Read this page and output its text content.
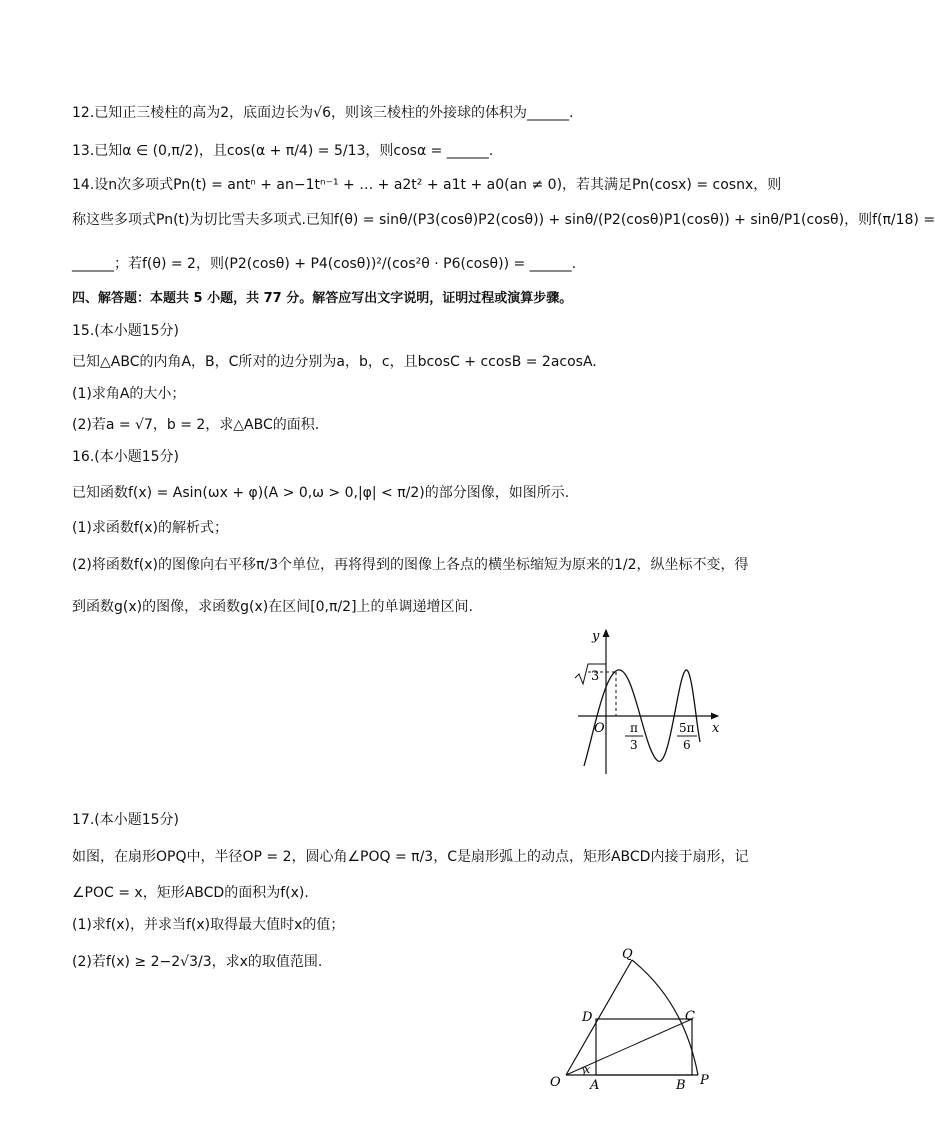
12.已知正三棱柱的高为2，底面边长为√6，则该三棱柱的外接球的体积为______.
13.已知α ∈ (0,π/2)，且cos(α + π/4) = 5/13，则cosα = ______.
14.设n次多项式Pn(t) = antⁿ + an−1tⁿ⁻¹ + … + a2t² + a1t + a0(an ≠ 0)，若其满足Pn(cosx) = cosnx，则
称这些多项式Pn(t)为切比雪夫多项式.已知f(θ) = sinθ/(P3(cosθ)P2(cosθ)) + sinθ/(P2(cosθ)P1(cosθ)) + sinθ/P1(cosθ)，则f(π/18) =
______；若f(θ) = 2，则(P2(cosθ) + P4(cosθ))²/(cos²θ · P6(cosθ)) = ______.
四、解答题：本题共 5 小题，共 77 分。解答应写出文字说明，证明过程或演算步骤。
15.(本小题15分)
已知△ABC的内角A，B，C所对的边分别为a，b，c，且bcosC + ccosB = 2acosA.
(1)求角A的大小；
(2)若a = √7，b = 2，求△ABC的面积.
16.(本小题15分)
已知函数f(x) = Asin(ωx + φ)(A > 0,ω > 0,|φ| < π/2)的部分图像，如图所示.
(1)求函数f(x)的解析式；
(2)将函数f(x)的图像向右平移π/3个单位，再将得到的图像上各点的横坐标缩短为原来的1/2，纵坐标不变，得
到函数g(x)的图像，求函数g(x)在区间[0,π/2]上的单调递增区间.
y
x
O
3
π
3
5π
6
17.(本小题15分)
如图，在扇形OPQ中，半径OP = 2，圆心角∠POQ = π/3，C是扇形弧上的动点，矩形ABCD内接于扇形，记
∠POC = x，矩形ABCD的面积为f(x).
(1)求f(x)，并求当f(x)取得最大值时x的值；
(2)若f(x) ≥ 2−2√3/3，求x的取值范围.
O A	B P
C
D
Q
x
